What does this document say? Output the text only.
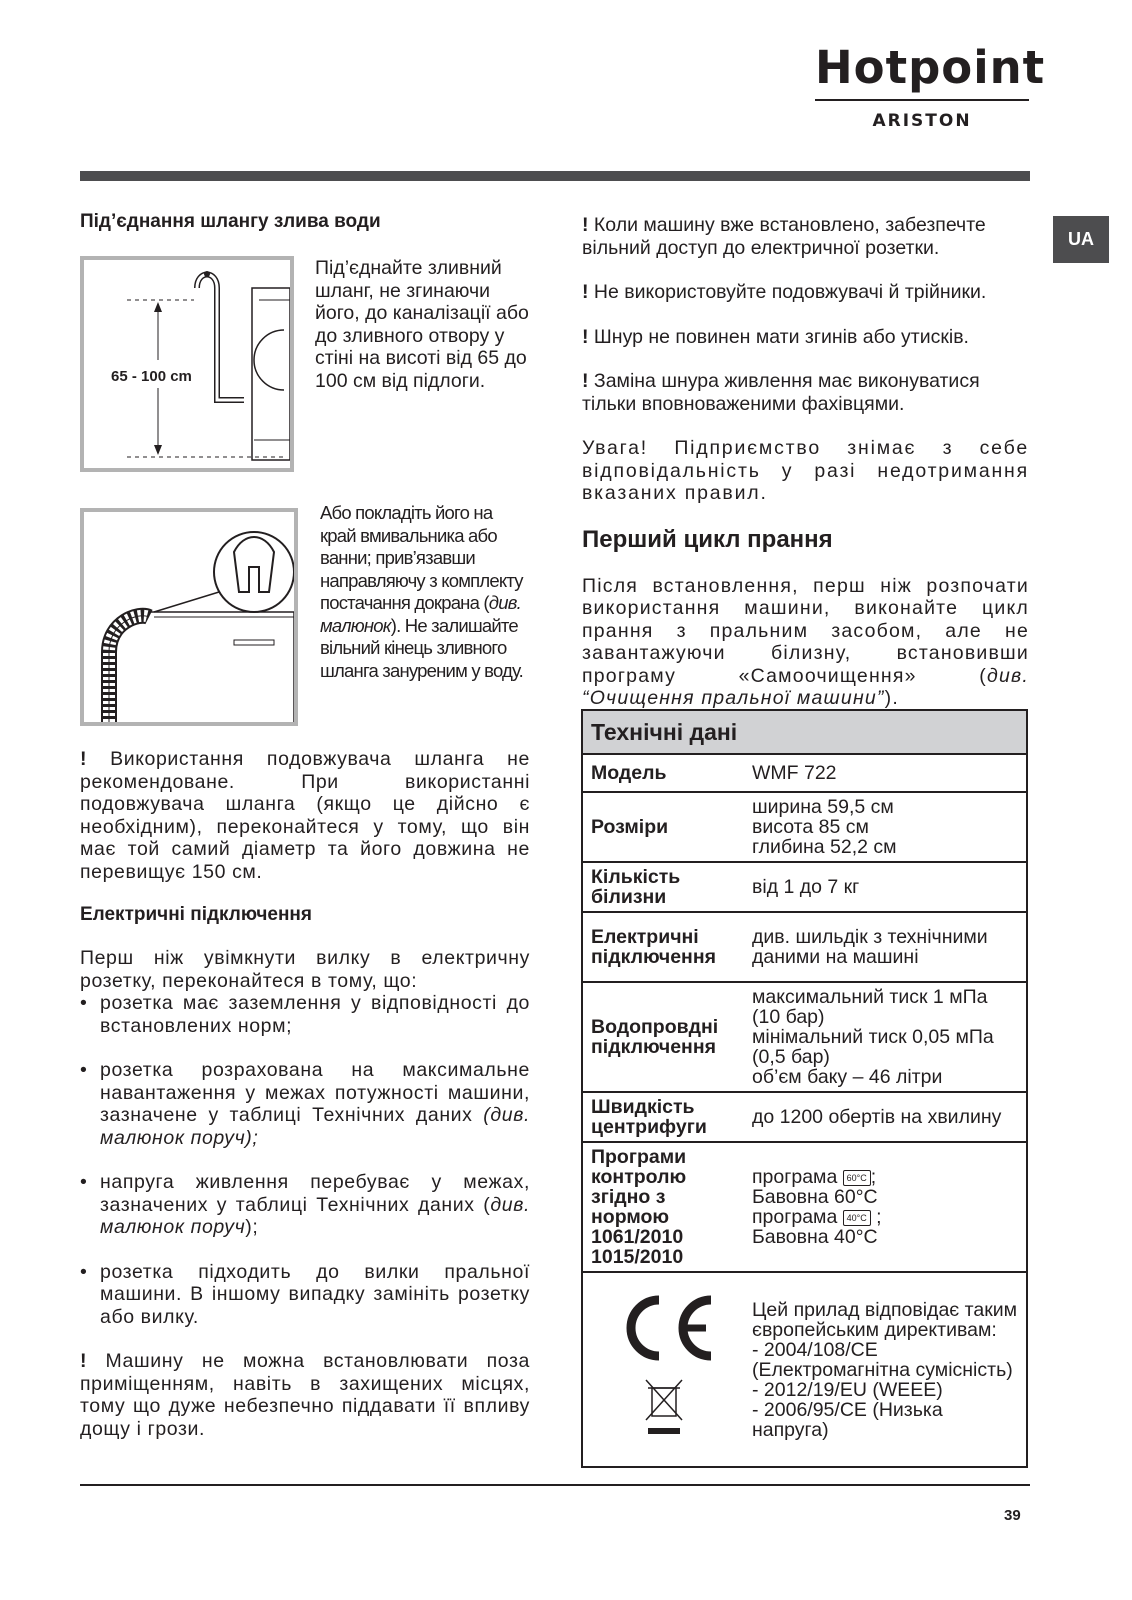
Hotpoint
ARISTON
UA
65 - 100 cm
Під’єднання шлангу злива води

Під’єднайте зливний шланг, не згинаючи його, до каналізації або до зливного отвору у стіні на висоті від 65 до 100 см від підлоги.

Або покладіть його на край вмивальника або ванни; прив’язавши направляючу з комплекту постачання докрана (див. малюнок). Не залишайте вільний кінець зливного шланга зануреним у воду.

! Використання подовжувача шланга не рекомендоване. При використанні подовжувача шланга (якщо це дійсно є необхідним), переконайтеся у тому, що він має той самий діаметр та його довжина не перевищує 150 см.

Електричні підключення

Перш ніж увімкнути вилку в електричну розетку, переконайтеся в тому, що:

• розетка має заземлення у відповідності до встановлених норм;
• розетка розрахована на максимальне навантаження у межах потужності машини, зазначене у таблиці Технічних даних (див. малюнок поруч);
• напруга живлення перебуває у межах, зазначених у таблиці Технічних даних (див. малюнок поруч);
• розетка підходить до вилки пральної машини. В іншому випадку замініть розетку або вилку.

! Машину не можна встановлювати поза приміщенням, навіть в захищених місцях, тому що дуже небезпечно піддавати її впливу дощу і грози.

! Коли машину вже встановлено, забезпечте вільний доступ до електричної розетки.

! Не використовуйте подовжувачі й трійники.

! Шнур не повинен мати згинів або утисків.

! Заміна шнура живлення має виконуватися тільки вповноваженими фахівцями.

Увага! Підприємство знімає з себе відповідальність у разі недотримання вказаних правил.

Перший цикл прання

Після встановлення, перш ніж розпочати використання машини, виконайте цикл прання з пральним засобом, але не завантажуючи білизну, встановивши програму «Самоочищення» (див. “Очищення пральної машини”).

Технічні дані	
Модель	WMF 722

Розміри	ширина 59,5 см
висота 85 см
глибина 52,2 см

Кількість білизни	від 1 до 7 кг

Електричні підключення	див. шильдік з технічними даними на машині

Водопровдні підключення	максимальний тиск 1 мПа (10 бар)
мінімальний тиск 0,05 мПа (0,5 бар)
об’єм баку – 46 літри

Швидкість центрифуги	до 1200 обертів на хвилину

Програми контролю згідно з нормою 1061/2010 1015/2010	програма 60°C ;
Бавовна 60°C
програма 40°C ;
Бавовна 40°C

Цей прилад відповідає таким європейським директивам:
- 2004/108/CE (Електромагнітна сумісність)
- 2012/19/EU (WEEE)
- 2006/95/CE (Низька напруга)
39
